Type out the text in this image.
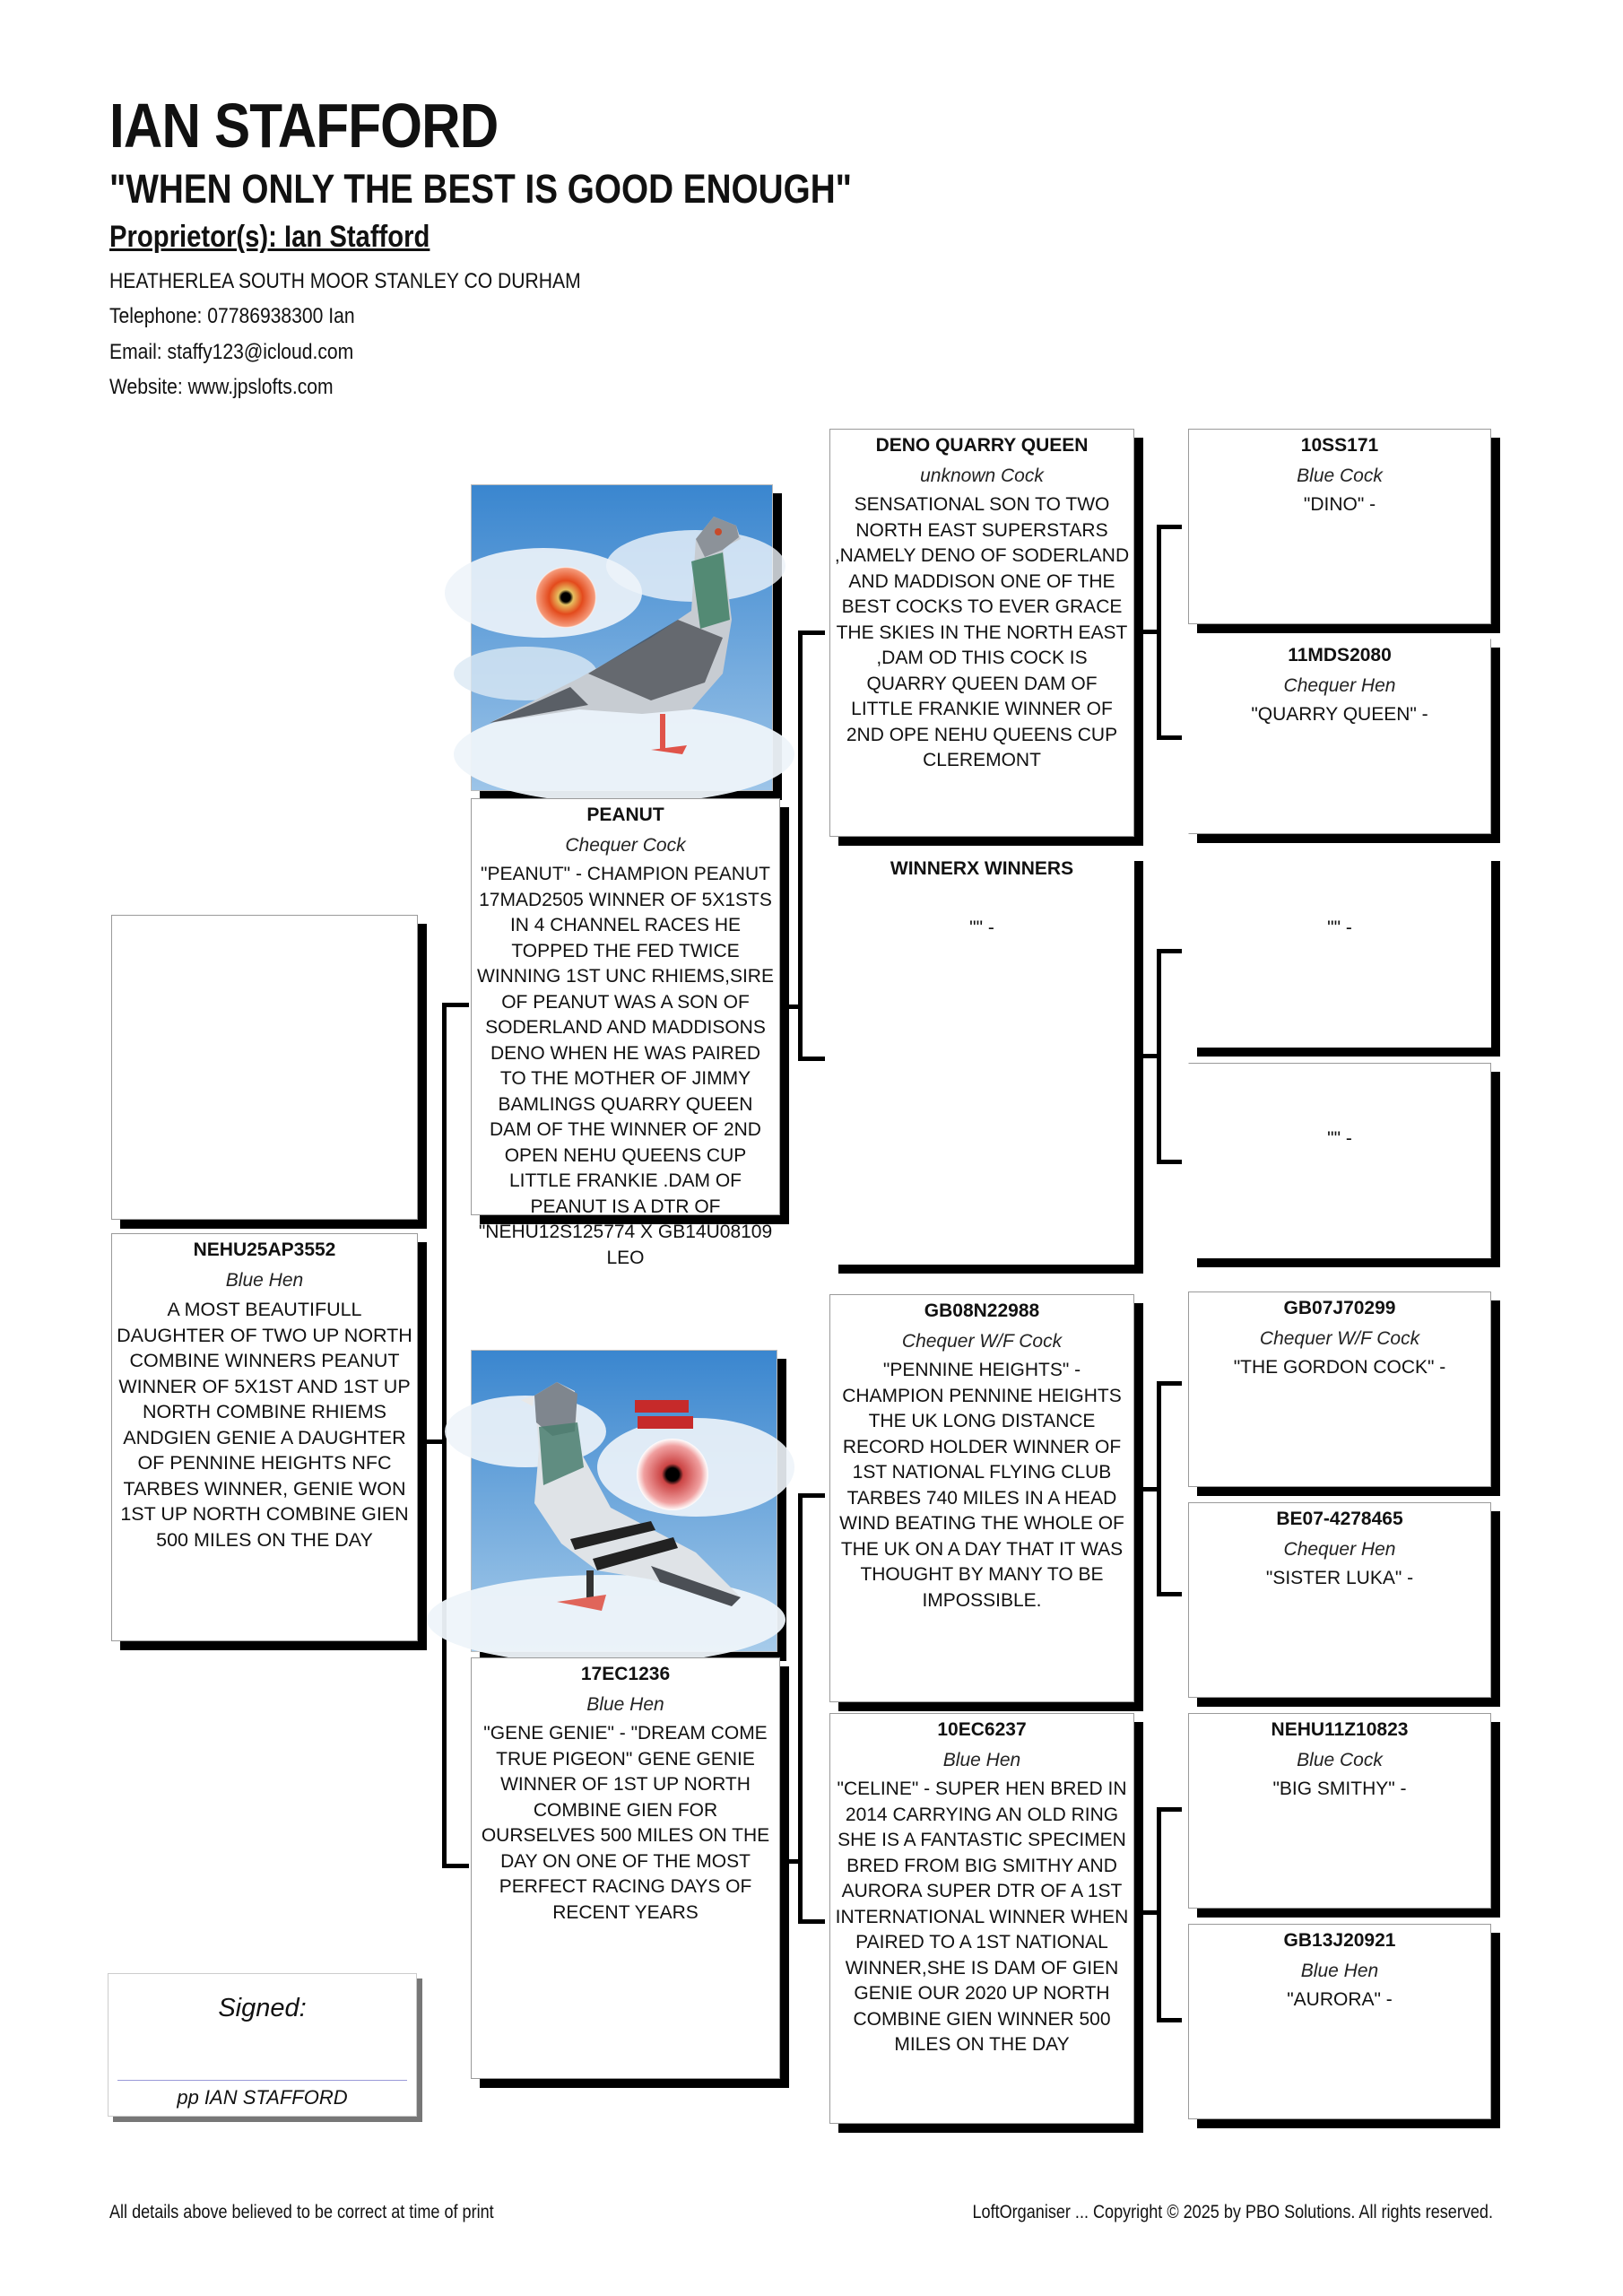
IAN STAFFORD
"WHEN ONLY THE BEST IS GOOD ENOUGH"
Proprietor(s): Ian Stafford
HEATHERLEA SOUTH MOOR STANLEY CO DURHAM
Telephone: 07786938300 Ian
Email: staffy123@icloud.com
Website: www.jpslofts.com
NEHU25AP3552
Blue Hen
A MOST BEAUTIFULL DAUGHTER OF TWO UP NORTH COMBINE WINNERS PEANUT WINNER OF 5X1ST AND 1ST UP NORTH COMBINE RHIEMS ANDGIEN GENIE A DAUGHTER OF PENNINE HEIGHTS NFC TARBES WINNER, GENIE WON 1ST UP NORTH COMBINE GIEN 500 MILES ON THE DAY
PEANUT
Chequer Cock
"PEANUT" - CHAMPION PEANUT 17MAD2505 WINNER OF 5X1STS IN 4 CHANNEL RACES HE TOPPED THE FED TWICE WINNING 1ST UNC RHIEMS,SIRE OF PEANUT WAS A SON OF SODERLAND AND MADDISONS DENO WHEN HE WAS PAIRED TO THE MOTHER OF JIMMY BAMLINGS QUARRY QUEEN DAM OF THE WINNER OF 2ND OPEN NEHU QUEENS CUP LITTLE FRANKIE .DAM OF PEANUT IS A DTR OF "NEHU12S125774 X GB14U08109 LEO
17EC1236
Blue Hen
"GENE GENIE" - "DREAM COME TRUE PIGEON" GENE GENIE WINNER OF 1ST UP NORTH COMBINE GIEN FOR OURSELVES 500 MILES ON THE DAY ON ONE OF THE MOST PERFECT RACING DAYS OF RECENT YEARS
DENO QUARRY QUEEN
unknown Cock
SENSATIONAL SON TO TWO NORTH EAST SUPERSTARS ,NAMELY DENO OF SODERLAND AND MADDISON ONE OF THE BEST COCKS TO EVER GRACE THE SKIES IN THE NORTH EAST ,DAM OD THIS COCK IS QUARRY QUEEN DAM OF LITTLE FRANKIE WINNER OF 2ND OPE NEHU QUEENS CUP CLEREMONT
WINNERX WINNERS
"" -
GB08N22988
Chequer W/F Cock
"PENNINE HEIGHTS" - CHAMPION PENNINE HEIGHTS THE UK LONG DISTANCE RECORD HOLDER WINNER OF 1ST NATIONAL FLYING CLUB TARBES 740 MILES IN A HEAD WIND BEATING THE WHOLE OF THE UK ON A DAY THAT IT WAS THOUGHT BY MANY TO BE IMPOSSIBLE.
10EC6237
Blue Hen
"CELINE" - SUPER HEN BRED IN 2014 CARRYING AN OLD RING SHE IS A FANTASTIC SPECIMEN BRED FROM BIG SMITHY AND AURORA SUPER DTR OF A 1ST INTERNATIONAL WINNER WHEN PAIRED TO A 1ST NATIONAL WINNER,SHE IS DAM OF GIEN GENIE OUR 2020 UP NORTH COMBINE GIEN WINNER 500 MILES ON THE DAY
10SS171
Blue Cock
"DINO" -
11MDS2080
Chequer Hen
"QUARRY QUEEN" -
"" -
"" -
GB07J70299
Chequer W/F Cock
"THE GORDON COCK" -
BE07-4278465
Chequer Hen
"SISTER LUKA" -
NEHU11Z10823
Blue Cock
"BIG SMITHY" -
GB13J20921
Blue Hen
"AURORA" -
Signed:
pp IAN STAFFORD
All details above believed to be correct at time of print	LoftOrganiser ... Copyright © 2025 by PBO Solutions. All rights reserved.
